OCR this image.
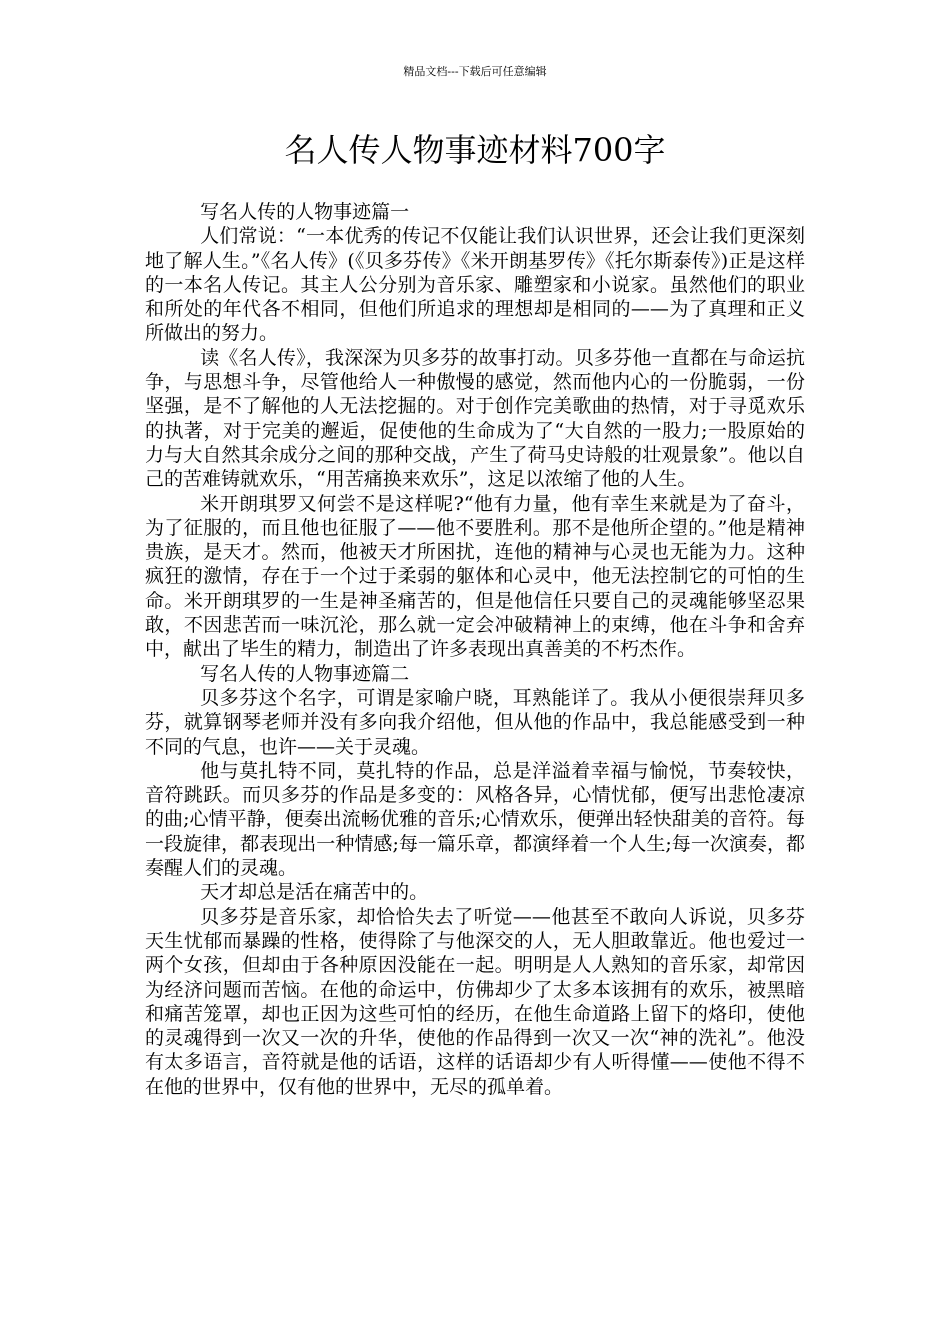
精品文档---下载后可任意编辑
名人传人物事迹材料700字

写名人传的人物事迹篇一

人们常说：“一本优秀的传记不仅能让我们认识世界，还会让我们更深刻地了解人生。”《名人传》(《贝多芬传》《米开朗基罗传》《托尔斯泰传》)正是这样的一本名人传记。其主人公分别为音乐家、雕塑家和小说家。虽然他们的职业和所处的年代各不相同，但他们所追求的理想却是相同的——为了真理和正义所做出的努力。

读《名人传》，我深深为贝多芬的故事打动。贝多芬他一直都在与命运抗争，与思想斗争，尽管他给人一种傲慢的感觉，然而他内心的一份脆弱，一份坚强，是不了解他的人无法挖掘的。对于创作完美歌曲的热情，对于寻觅欢乐的执著，对于完美的邂逅，促使他的生命成为了“大自然的一股力;一股原始的力与大自然其余成分之间的那种交战，产生了荷马史诗般的壮观景象”。他以自己的苦难铸就欢乐，“用苦痛换来欢乐”，这足以浓缩了他的人生。

米开朗琪罗又何尝不是这样呢?“他有力量，他有幸生来就是为了奋斗，为了征服的，而且他也征服了——他不要胜利。那不是他所企望的。”他是精神贵族，是天才。然而，他被天才所困扰，连他的精神与心灵也无能为力。这种疯狂的激情，存在于一个过于柔弱的躯体和心灵中，他无法控制它的可怕的生命。米开朗琪罗的一生是神圣痛苦的，但是他信任只要自己的灵魂能够坚忍果敢，不因悲苦而一味沉沦，那么就一定会冲破精神上的束缚，他在斗争和舍弃中，献出了毕生的精力，制造出了许多表现出真善美的不朽杰作。

写名人传的人物事迹篇二

贝多芬这个名字，可谓是家喻户晓，耳熟能详了。我从小便很崇拜贝多芬，就算钢琴老师并没有多向我介绍他，但从他的作品中，我总能感受到一种不同的气息，也许——关于灵魂。

他与莫扎特不同，莫扎特的作品，总是洋溢着幸福与愉悦，节奏较快，音符跳跃。而贝多芬的作品是多变的：风格各异，心情忧郁，便写出悲怆凄凉的曲;心情平静，便奏出流畅优雅的音乐;心情欢乐，便弹出轻快甜美的音符。每一段旋律，都表现出一种情感;每一篇乐章，都演绎着一个人生;每一次演奏，都奏醒人们的灵魂。

天才却总是活在痛苦中的。

贝多芬是音乐家，却恰恰失去了听觉——他甚至不敢向人诉说，贝多芬天生忧郁而暴躁的性格，使得除了与他深交的人，无人胆敢靠近。他也爱过一两个女孩，但却由于各种原因没能在一起。明明是人人熟知的音乐家，却常因为经济问题而苦恼。在他的命运中，仿佛却少了太多本该拥有的欢乐，被黑暗和痛苦笼罩，却也正因为这些可怕的经历，在他生命道路上留下的烙印，使他的灵魂得到一次又一次的升华，使他的作品得到一次又一次“神的洗礼”。他没有太多语言，音符就是他的话语，这样的话语却少有人听得懂——使他不得不在他的世界中，仅有他的世界中，无尽的孤单着。
